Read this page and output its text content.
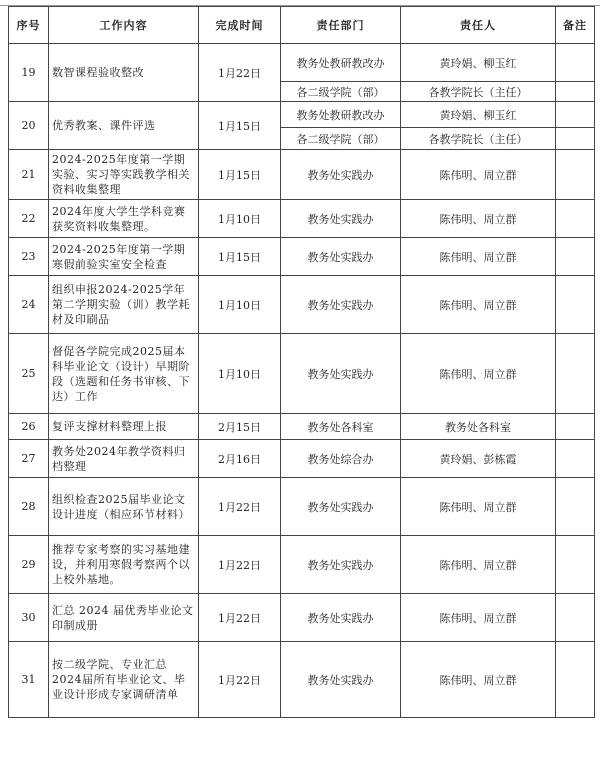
序号	工作内容	完成时间	责任部门	责任人	备注
19	数智课程验收整改	1月22日	教务处教研教改办	黄玲娟、柳玉红	
			各二级学院（部）	各教学院长（主任）	
20	优秀教案、课件评选	1月15日	教务处教研教改办	黄玲娟、柳玉红	
			各二级学院（部）	各教学院长（主任）	
21	2024-2025年度第一学期实验、实习等实践教学相关资料收集整理	1月15日	教务处实践办	陈伟明、周立群	
22	2024年度大学生学科竞赛获奖资料收集整理。	1月10日	教务处实践办	陈伟明、周立群	
23	2024-2025年度第一学期寒假前验实室安全检查	1月15日	教务处实践办	陈伟明、周立群	
24	组织申报2024-2025学年第二学期实验（训）教学耗材及印刷品	1月10日	教务处实践办	陈伟明、周立群	
25	督促各学院完成2025届本科毕业论文（设计）早期阶段（选题和任务书审核、下达）工作	1月10日	教务处实践办	陈伟明、周立群	
26	复评支撑材料整理上报	2月15日	教务处各科室	教务处各科室	
27	教务处2024年教学资料归档整理	2月16日	教务处综合办	黄玲娟、彭栋霞	
28	组织检查2025届毕业论文设计进度（相应环节材料）	1月22日	教务处实践办	陈伟明、周立群	
29	推荐专家考察的实习基地建设，并利用寒假考察两个以上校外基地。	1月22日	教务处实践办	陈伟明、周立群	
30	汇总 2024 届优秀毕业论文印制成册	1月22日	教务处实践办	陈伟明、周立群	
31	按二级学院、专业汇总2024届所有毕业论文、毕业设计形成专家调研清单	1月22日	教务处实践办	陈伟明、周立群	
